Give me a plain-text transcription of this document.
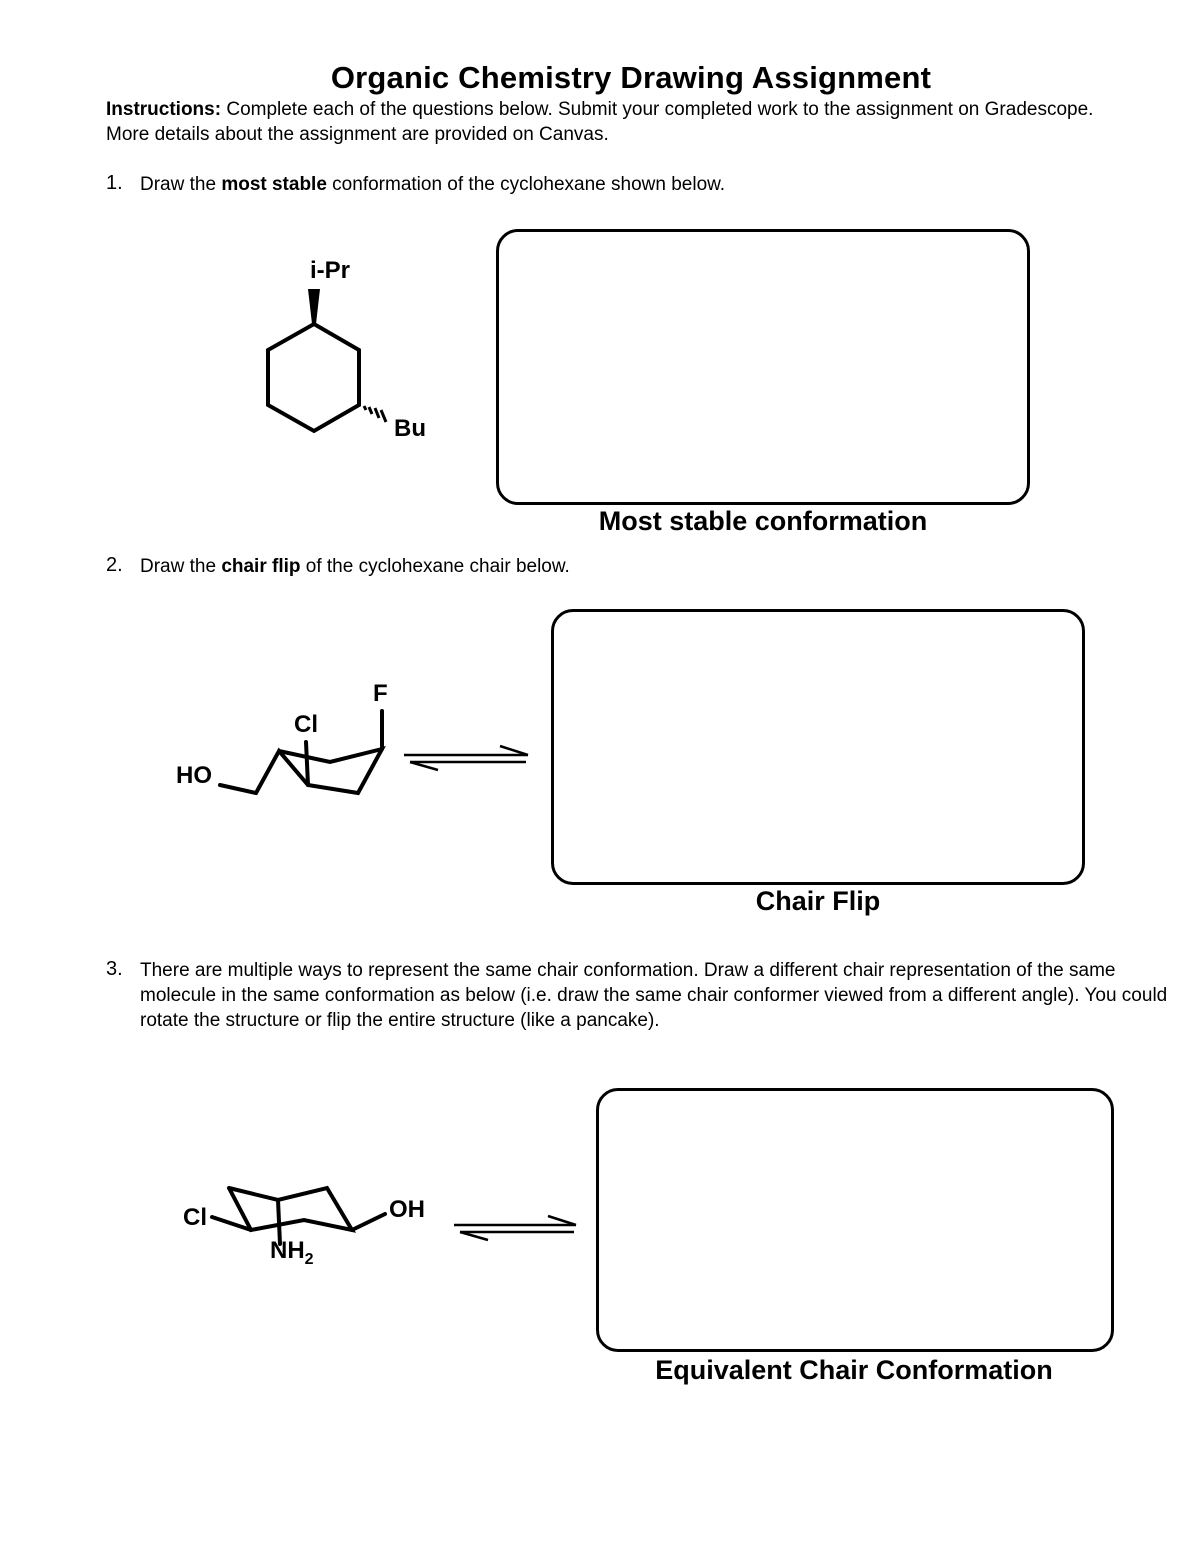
Organic Chemistry Drawing Assignment
Instructions: Complete each of the questions below. Submit your completed work to the assignment on Gradescope. More details about the assignment are provided on Canvas.
1. Draw the most stable conformation of the cyclohexane shown below.
i-Pr
Bu
Most stable conformation
2. Draw the chair flip of the cyclohexane chair below.
F
Cl
HO
Chair Flip
3. There are multiple ways to represent the same chair conformation. Draw a different chair representation of the same molecule in the same conformation as below (i.e. draw the same chair conformer viewed from a different angle). You could rotate the structure or flip the entire structure (like a pancake).
Cl	OH
$NH_2$
Equivalent Chair Conformation
